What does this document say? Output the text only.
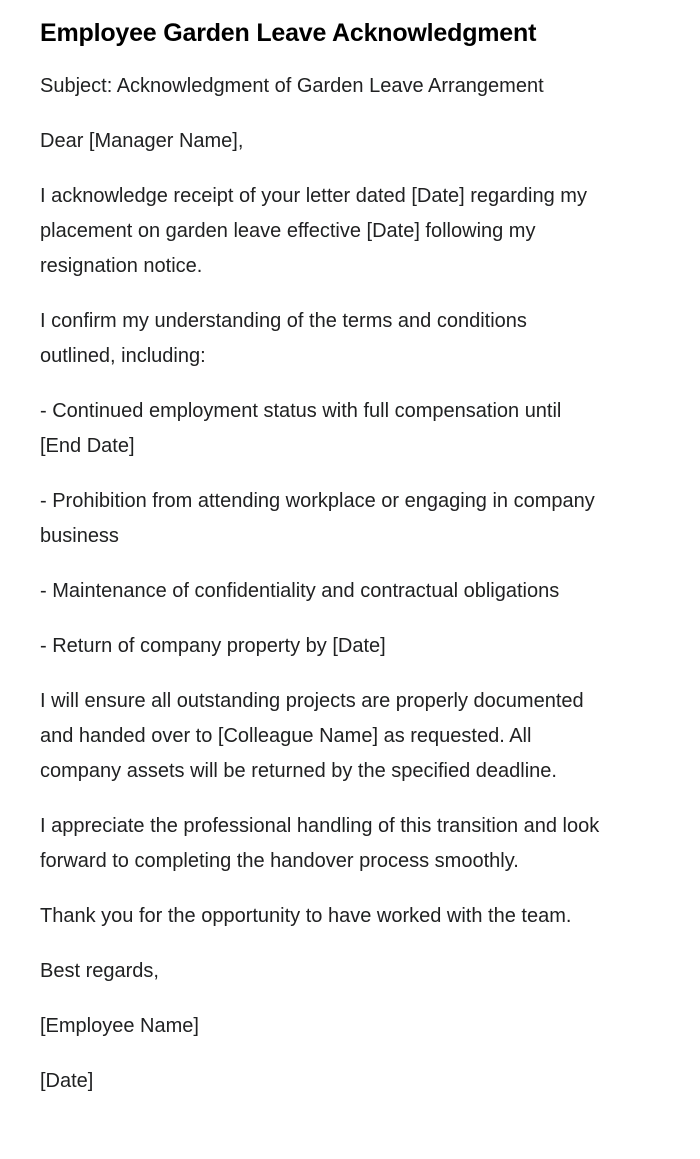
Employee Garden Leave Acknowledgment

Subject: Acknowledgment of Garden Leave Arrangement

Dear [Manager Name],

I acknowledge receipt of your letter dated [Date] regarding my placement on garden leave effective [Date] following my resignation notice.

I confirm my understanding of the terms and conditions outlined, including:

- Continued employment status with full compensation until [End Date]

- Prohibition from attending workplace or engaging in company business

- Maintenance of confidentiality and contractual obligations

- Return of company property by [Date]

I will ensure all outstanding projects are properly documented and handed over to [Colleague Name] as requested. All company assets will be returned by the specified deadline.

I appreciate the professional handling of this transition and look forward to completing the handover process smoothly.

Thank you for the opportunity to have worked with the team.

Best regards,

[Employee Name]

[Date]
